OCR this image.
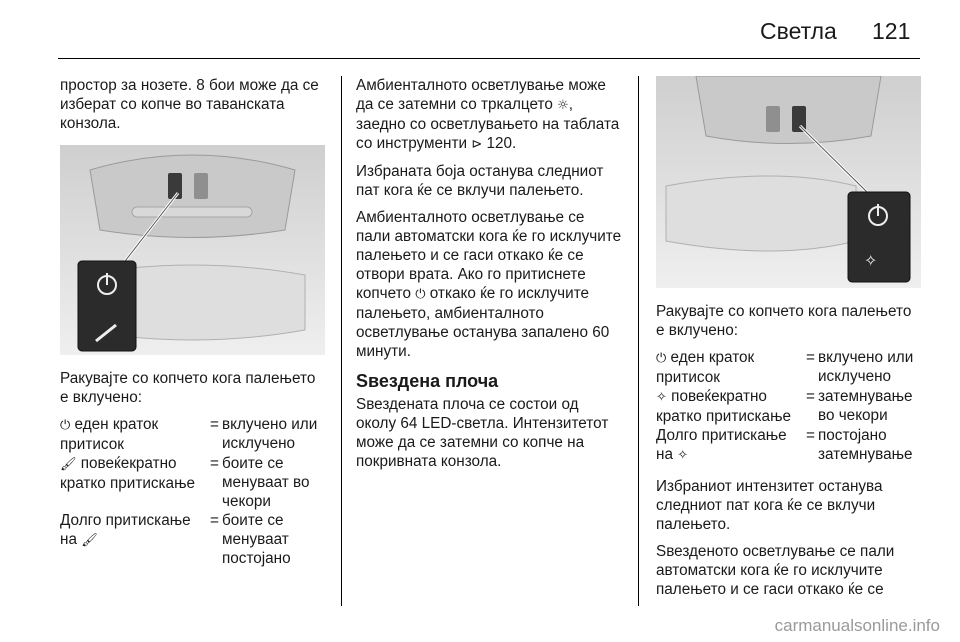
Светла 121

простор за нозете. 8 бои може да се изберат со копче во таванската конзола.

Ракувајте со копчето кога палењето е вклучено:

⏻ еден краток притисок
= вклучено или исклучено
🖌 повеќекратно кратко притискање
= боите се менуваат во чекори
Долго притискање на 🖌
= боите се менуваат постојано

Амбиенталното осветлување може да се затемни со тркалцето ☼, заедно со осветлувањето на таблата со инструменти ⊳ 120.

Избраната боја останува следниот пат кога ќе се вклучи палењето.

Амбиенталното осветлување се пали автоматски кога ќе го исклучите палењето и се гаси откако ќе се отвори врата. Ако го притиснете копчето ⏻ откако ќе го исклучите палењето, амбиенталното осветлување останува запалено 60 минути.

Ѕвездена плоча

Ѕвездената плоча се состои од околу 64 LED-светла. Интензитетот може да се затемни со копче на покривната конзола.

✧

Ракувајте со копчето кога палењето е вклучено:

⏻ еден краток притисок
= вклучено или исклучено
✧ повеќекратно кратко притискање
= затемнување во чекори
Долго притискање на ✧
= постојано затемнување

Избраниот интензитет останува следниот пат кога ќе се вклучи палењето.

Ѕвезденото осветлување се пали автоматски кога ќе го исклучите палењето и се гаси откако ќе се

carmanualsonline.info
